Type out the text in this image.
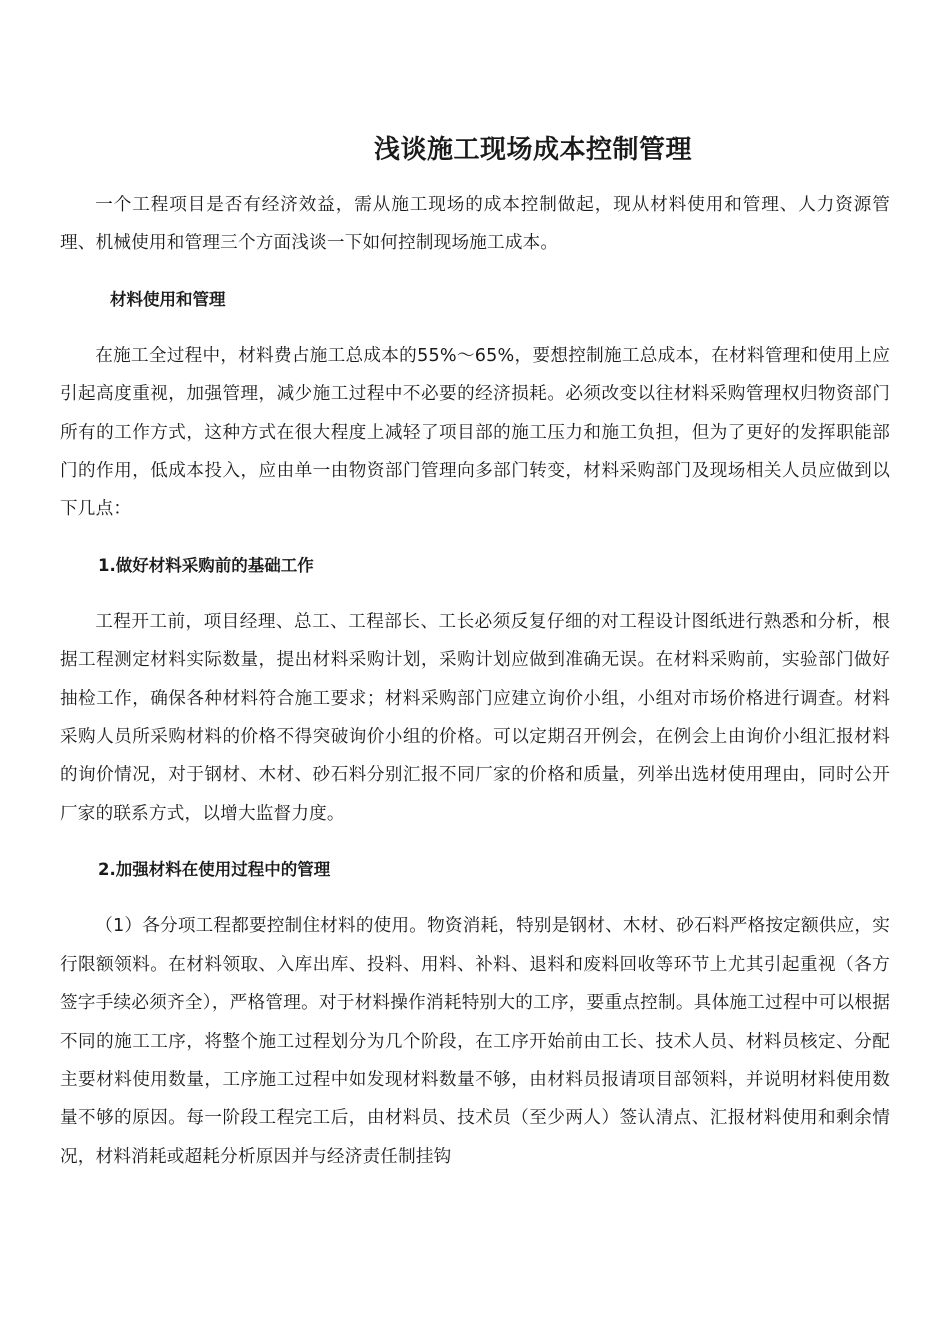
浅谈施工现场成本控制管理

一个工程项目是否有经济效益，需从施工现场的成本控制做起，现从材料使用和管理、人力资源管理、机械使用和管理三个方面浅谈一下如何控制现场施工成本。

材料使用和管理

在施工全过程中，材料费占施工总成本的55%～65%，要想控制施工总成本，在材料管理和使用上应引起高度重视，加强管理，减少施工过程中不必要的经济损耗。必须改变以往材料采购管理权归物资部门所有的工作方式，这种方式在很大程度上减轻了项目部的施工压力和施工负担，但为了更好的发挥职能部门的作用，低成本投入，应由单一由物资部门管理向多部门转变，材料采购部门及现场相关人员应做到以下几点：

1.做好材料采购前的基础工作

工程开工前，项目经理、总工、工程部长、工长必须反复仔细的对工程设计图纸进行熟悉和分析，根据工程测定材料实际数量，提出材料采购计划，采购计划应做到准确无误。在材料采购前，实验部门做好抽检工作，确保各种材料符合施工要求；材料采购部门应建立询价小组，小组对市场价格进行调查。材料采购人员所采购材料的价格不得突破询价小组的价格。可以定期召开例会，在例会上由询价小组汇报材料的询价情况，对于钢材、木材、砂石料分别汇报不同厂家的价格和质量，列举出选材使用理由，同时公开厂家的联系方式，以增大监督力度。

2.加强材料在使用过程中的管理

（1）各分项工程都要控制住材料的使用。物资消耗，特别是钢材、木材、砂石料严格按定额供应，实行限额领料。在材料领取、入库出库、投料、用料、补料、退料和废料回收等环节上尤其引起重视（各方签字手续必须齐全），严格管理。对于材料操作消耗特别大的工序，要重点控制。具体施工过程中可以根据不同的施工工序，将整个施工过程划分为几个阶段，在工序开始前由工长、技术人员、材料员核定、分配主要材料使用数量，工序施工过程中如发现材料数量不够，由材料员报请项目部领料，并说明材料使用数量不够的原因。每一阶段工程完工后，由材料员、技术员（至少两人）签认清点、汇报材料使用和剩余情况，材料消耗或超耗分析原因并与经济责任制挂钩
